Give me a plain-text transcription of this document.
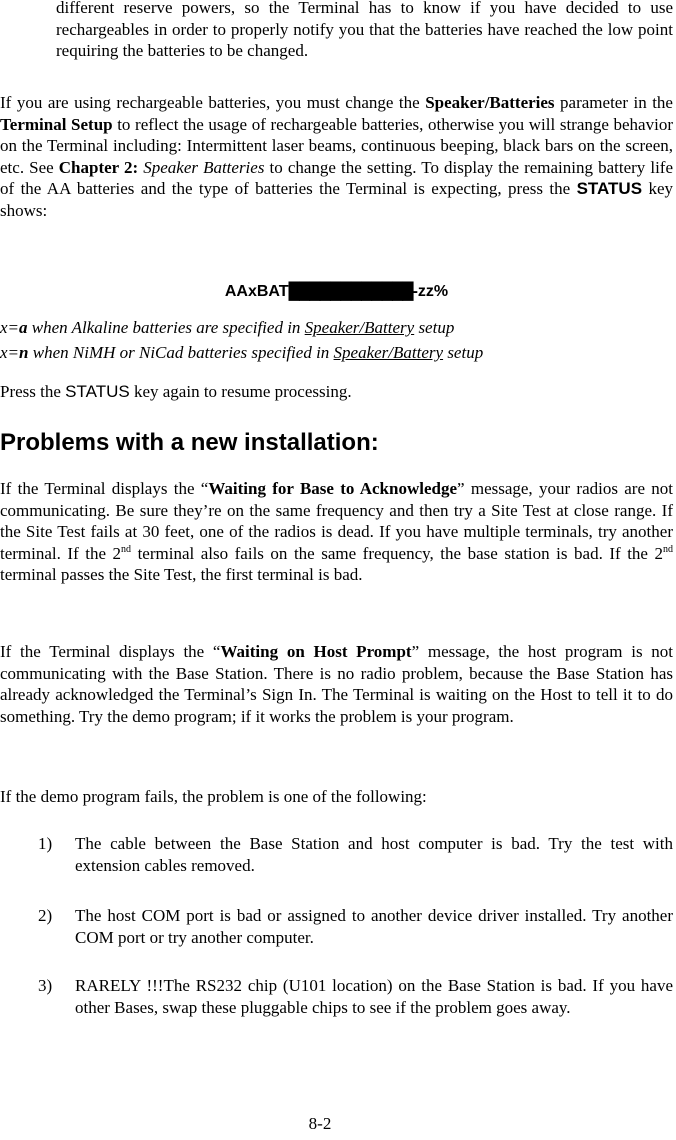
different reserve powers, so the Terminal has to know if you have decided to use rechargeables in order to properly notify you that the batteries have reached the low point requiring the batteries to be changed.

If you are using rechargeable batteries, you must change the Speaker/Batteries parameter in the Terminal Setup to reflect the usage of rechargeable batteries, otherwise you will strange behavior on the Terminal including: Intermittent laser beams, continuous beeping, black bars on the screen, etc. See Chapter 2: Speaker Batteries to change the setting. To display the remaining battery life of the AA batteries and the type of batteries the Terminal is expecting, press the STATUS key shows:

AAxBAT████████████-zz%

x=a when Alkaline batteries are specified in Speaker/Battery setup

x=n when NiMH or NiCad batteries specified in Speaker/Battery setup

Press the STATUS key again to resume processing.

Problems with a new installation:

If the Terminal displays the “Waiting for Base to Acknowledge” message, your radios are not communicating. Be sure they’re on the same frequency and then try a Site Test at close range. If the Site Test fails at 30 feet, one of the radios is dead. If you have multiple terminals, try another terminal. If the 2nd terminal also fails on the same frequency, the base station is bad. If the 2nd terminal passes the Site Test, the first terminal is bad.

If the Terminal displays the “Waiting on Host Prompt” message, the host program is not communicating with the Base Station. There is no radio problem, because the Base Station has already acknowledged the Terminal’s Sign In. The Terminal is waiting on the Host to tell it to do something. Try the demo program; if it works the problem is your program.

If the demo program fails, the problem is one of the following:

1) The cable between the Base Station and host computer is bad. Try the test with extension cables removed.

2) The host COM port is bad or assigned to another device driver installed. Try another COM port or try another computer.

3) RARELY !!!The RS232 chip (U101 location) on the Base Station is bad. If you have other Bases, swap these pluggable chips to see if the problem goes away.

8-2
